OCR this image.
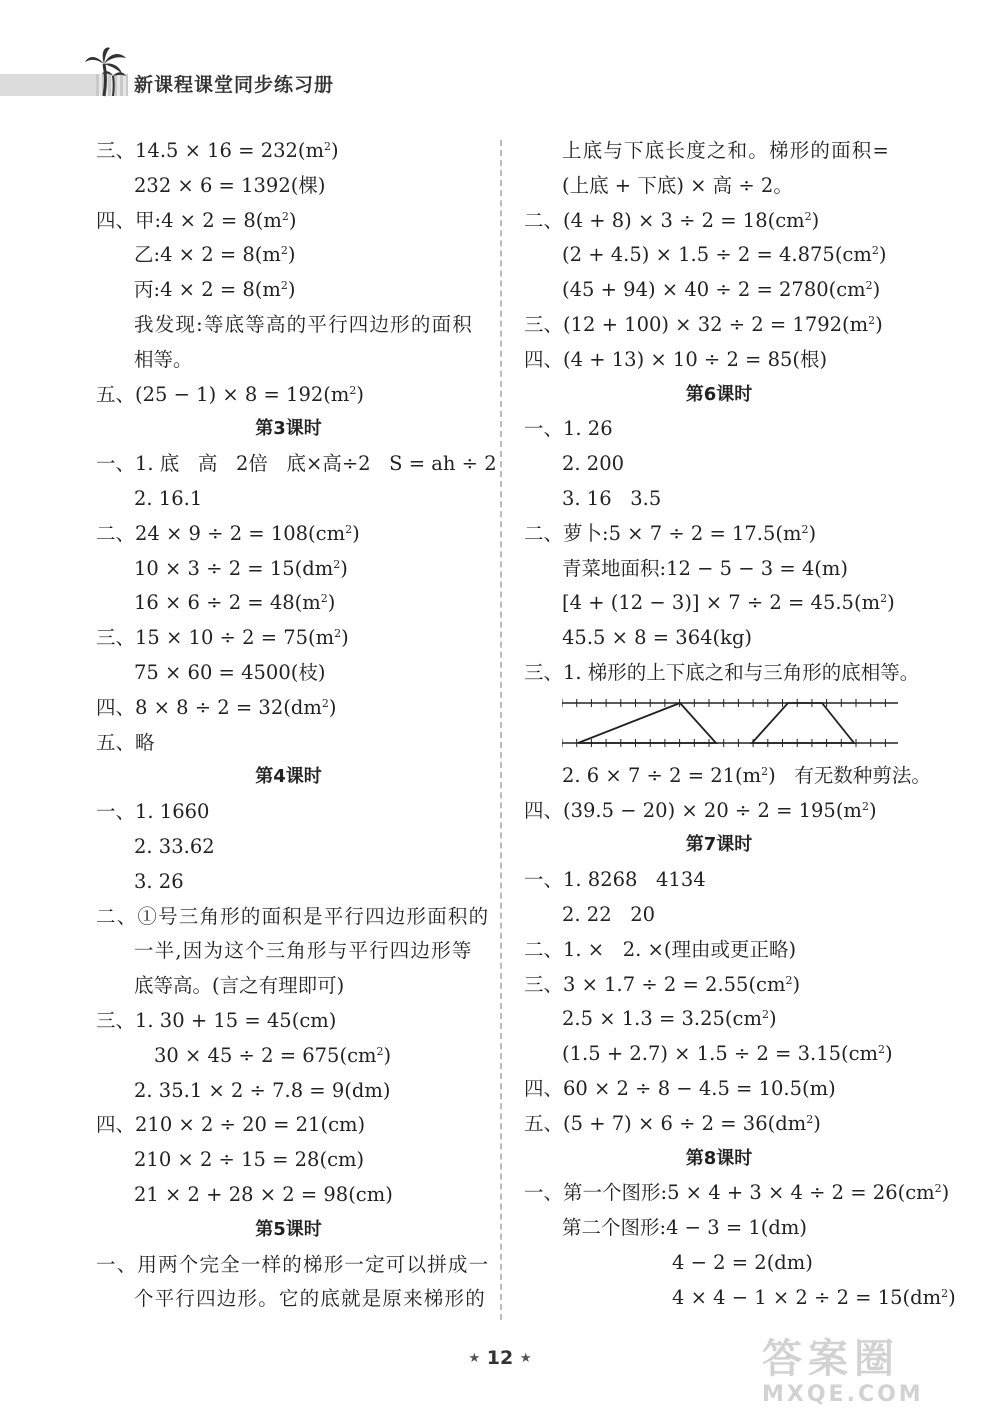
新课程课堂同步练习册
三、$14.5 \times 16 = 232(m^2)$
232 × 6 = 1392(棵)
四、甲:4 × $2 = 8(m^2)$
乙:4 × $2 = 8(m^2)$
丙:4 × $2 = 8(m^2)$
我发现:等底等高的平行四边形的面积
相等。
五、$(25 - 1) \times 8 = 192(m^2)$
第3课时
一、1. 底   高   2倍   底×高÷2   S = ah ÷ 2
2. 16.1
二、$24 \times 9 \div 2 = 108(cm^2)$
$10 \times 3 \div 2 = 15(dm^2)$
$16 \times 6 \div 2 = 48(m^2)$
三、$15 \times 10 \div 2 = 75(m^2)$
75 × 60 = 4500(枝)
四、$8 \times 8 \div 2 = 32(dm^2)$
五、略
第4课时
一、1. 1660
2. 33.62
3. 26
二、①号三角形的面积是平行四边形面积的
一半,因为这个三角形与平行四边形等
底等高。(言之有理即可)
三、1. 30 + 15 = 45(cm)
$30 \times 45 \div 2 = 675(cm^2)$
2. 35.1 × 2 ÷ 7.8 = 9(dm)
四、210 × 2 ÷ 20 = 21(cm)
210 × 2 ÷ 15 = 28(cm)
21 × 2 + 28 × 2 = 98(cm)
第5课时
一、用两个完全一样的梯形一定可以拼成一
个平行四边形。它的底就是原来梯形的
上底与下底长度之和。梯形的面积=
(上底 + 下底) × 高 ÷ 2。
二、$(4 + 8) \times 3 \div 2 = 18(cm^2)$
$(2 + 4.5) \times 1.5 \div 2 = 4.875(cm^2)$
$(45 + 94) \times 40 \div 2 = 2780(cm^2)$
三、$(12 + 100) \times 32 \div 2 = 1792(m^2)$
四、(4 + 13) × 10 ÷ 2 = 85(根)
第6课时
一、1. 26
2. 200
3. 16   3.5
二、萝卜:5 × $7 \div 2 = 17.5(m^2)$
青菜地面积:12 − 5 − 3 = 4(m)
$[4 + (12 - 3)] \times 7 \div 2 = 45.5(m^2)$
45.5 × 8 = 364(kg)
三、1. 梯形的上下底之和与三角形的底相等。
2. $6 \times 7 \div 2 = 21(m^2)$   有无数种剪法。
四、$(39.5 - 20) \times 20 \div 2 = 195(m^2)$
第7课时
一、1. 8268   4134
2. 22   20
二、1. ×   2. ×(理由或更正略)
三、$3 \times 1.7 \div 2 = 2.55(cm^2)$
$2.5 \times 1.3 = 3.25(cm^2)$
$(1.5 + 2.7) \times 1.5 \div 2 = 3.15(cm^2)$
四、60 × 2 ÷ 8 − 4.5 = 10.5(m)
五、$(5 + 7) \times 6 \div 2 = 36(dm^2)$
第8课时
一、第一个图形:5 × $4 + 3 \times 4 \div 2 = 26(cm^2)$
第二个图形:4 − 3 = 1(dm)
4 − 2 = 2(dm)
$4 \times 4 - 1 \times 2 \div 2 = 15(dm^2)$
★ 12 ★	答案圈
MXQE.COM
